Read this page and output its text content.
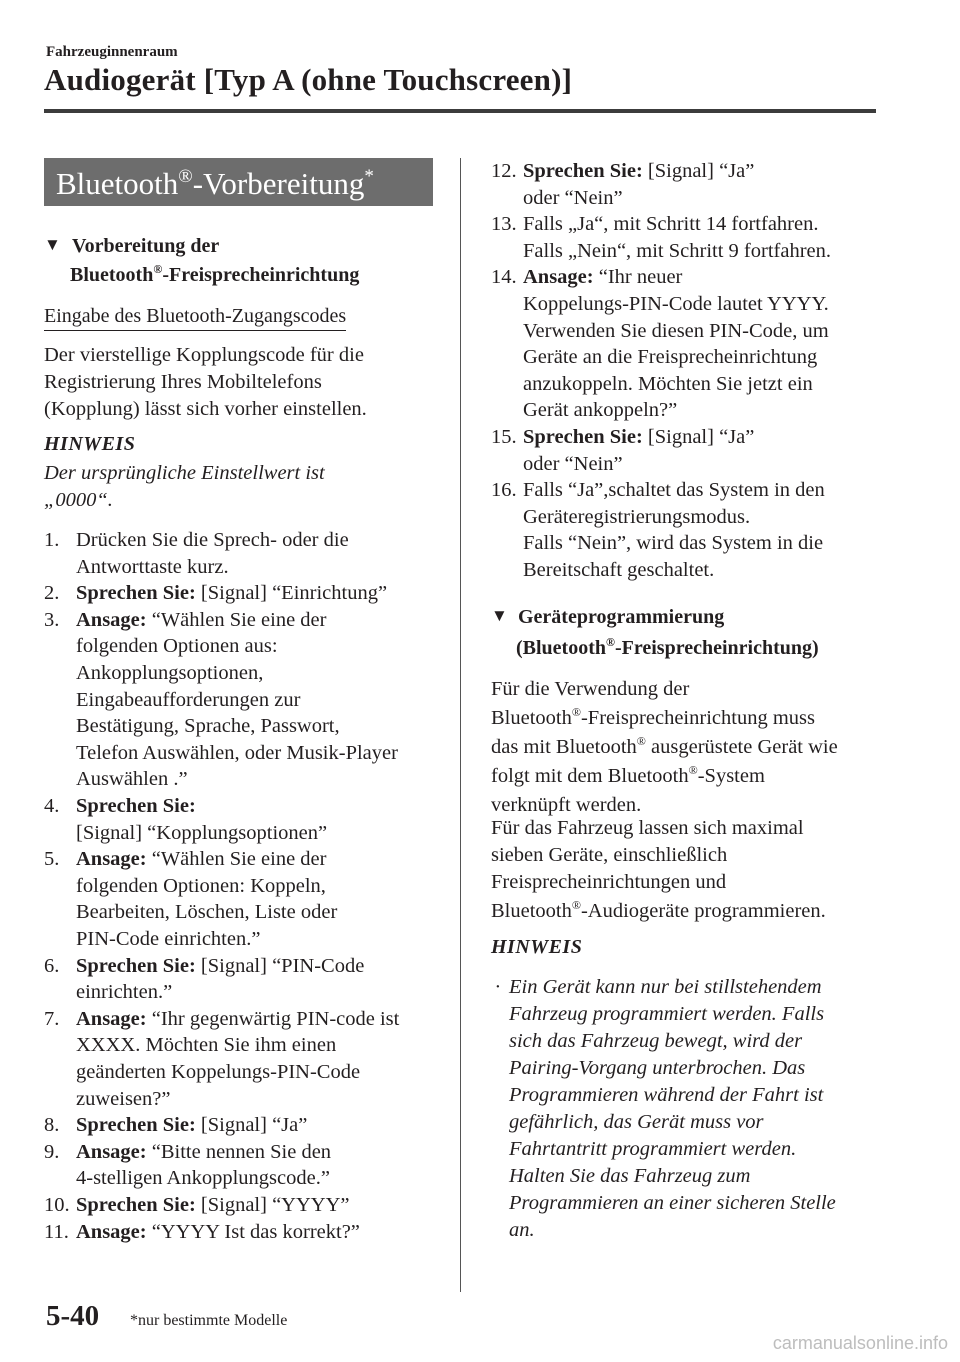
Fahrzeuginnenraum
Audiogerät [Typ A (ohne Touchscreen)]
Bluetooth®-Vorbereitung*
▼ Vorbereitung der
Bluetooth®-Freisprecheinrichtung
Eingabe des Bluetooth-Zugangscodes
Der vierstellige Kopplungscode für die
Registrierung Ihres Mobiltelefons
(Kopplung) lässt sich vorher einstellen.
HINWEIS
Der ursprüngliche Einstellwert ist
„0000“.
1. Drücken Sie die Sprech- oder die
Antworttaste kurz.
2. Sprechen Sie: [Signal] “Einrichtung”
3. Ansage: “Wählen Sie eine der
folgenden Optionen aus:
Ankopplungsoptionen,
Eingabeaufforderungen zur
Bestätigung, Sprache, Passwort,
Telefon Auswählen, oder Musik-Player
Auswählen .”
4. Sprechen Sie:
[Signal] “Kopplungsoptionen”
5. Ansage: “Wählen Sie eine der
folgenden Optionen: Koppeln,
Bearbeiten, Löschen, Liste oder
PIN-Code einrichten.”
6. Sprechen Sie: [Signal] “PIN-Code
einrichten.”
7. Ansage: “Ihr gegenwärtig PIN-code ist
XXXX. Möchten Sie ihm einen
geänderten Koppelungs-PIN-Code
zuweisen?”
8. Sprechen Sie: [Signal] “Ja”
9. Ansage: “Bitte nennen Sie den
4-stelligen Ankopplungscode.”
10. Sprechen Sie: [Signal] “YYYY”
11. Ansage: “YYYY Ist das korrekt?”
12. Sprechen Sie: [Signal] “Ja”
oder “Nein”
13. Falls „Ja“, mit Schritt 14 fortfahren.
Falls „Nein“, mit Schritt 9 fortfahren.
14. Ansage: “Ihr neuer
Koppelungs-PIN-Code lautet YYYY.
Verwenden Sie diesen PIN-Code, um
Geräte an die Freisprecheinrichtung
anzukoppeln. Möchten Sie jetzt ein
Gerät ankoppeln?”
15. Sprechen Sie: [Signal] “Ja”
oder “Nein”
16. Falls “Ja”,schaltet das System in den
Geräteregistrierungsmodus.
Falls “Nein”, wird das System in die
Bereitschaft geschaltet.
▼ Geräteprogrammierung
(Bluetooth®-Freisprecheinrichtung)
Für die Verwendung der
Bluetooth®-Freisprecheinrichtung muss
das mit Bluetooth® ausgerüstete Gerät wie
folgt mit dem Bluetooth®-System
verknüpft werden.
Für das Fahrzeug lassen sich maximal
sieben Geräte, einschließlich
Freisprecheinrichtungen und
Bluetooth®-Audiogeräte programmieren.
HINWEIS
· Ein Gerät kann nur bei stillstehendem
Fahrzeug programmiert werden. Falls
sich das Fahrzeug bewegt, wird der
Pairing-Vorgang unterbrochen. Das
Programmieren während der Fahrt ist
gefährlich, das Gerät muss vor
Fahrtantritt programmiert werden.
Halten Sie das Fahrzeug zum
Programmieren an einer sicheren Stelle
an.
5-40 *nur bestimmte Modelle
carmanualsonline.info
